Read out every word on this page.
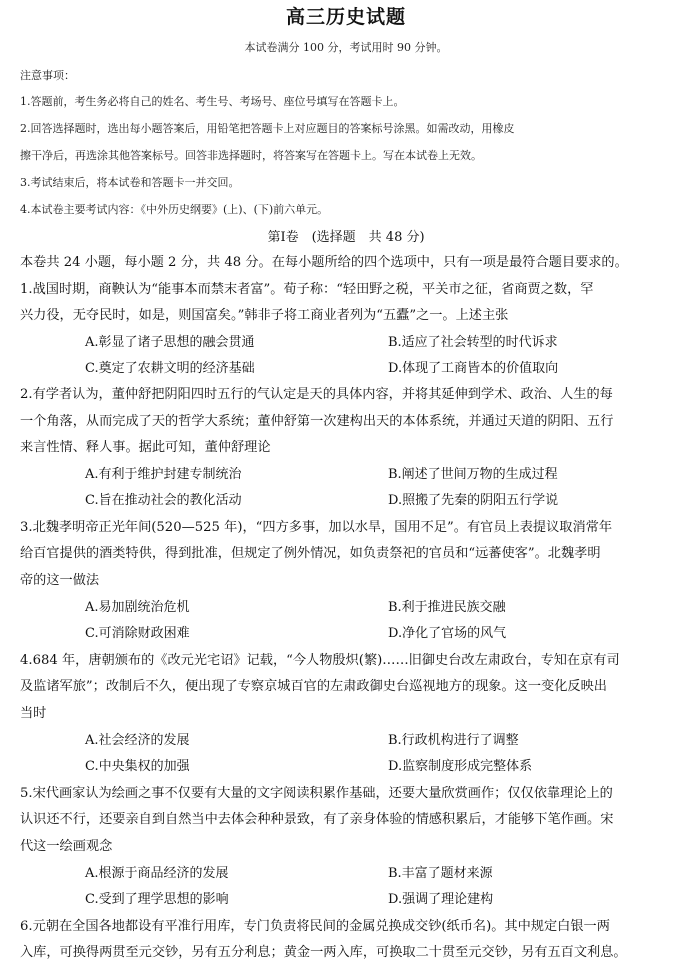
高三历史试题
本试卷满分 100 分，考试用时 90 分钟。
注意事项：
1.答题前，考生务必将自己的姓名、考生号、考场号、座位号填写在答题卡上。
2.回答选择题时，选出每小题答案后，用铅笔把答题卡上对应题目的答案标号涂黑。如需改动，用橡皮
擦干净后，再选涂其他答案标号。回答非选择题时，将答案写在答题卡上。写在本试卷上无效。
3.考试结束后，将本试卷和答题卡一并交回。
4.本试卷主要考试内容：《中外历史纲要》(上)、(下)前六单元。
第Ⅰ卷　(选择题　共 48 分)
本卷共 24 小题，每小题 2 分，共 48 分。在每小题所给的四个选项中，只有一项是最符合题目要求的。
1.战国时期，商鞅认为“能事本而禁末者富”。荀子称：“轻田野之税，平关市之征，省商贾之数，罕
兴力役，无夺民时，如是，则国富矣。”韩非子将工商业者列为“五蠹”之一。上述主张
A.彰显了诸子思想的融会贯通	B.适应了社会转型的时代诉求
C.奠定了农耕文明的经济基础	D.体现了工商皆本的价值取向
2.有学者认为，董仲舒把阴阳四时五行的气认定是天的具体内容，并将其延伸到学术、政治、人生的每
一个角落，从而完成了天的哲学大系统；董仲舒第一次建构出天的本体系统，并通过天道的阴阳、五行
来言性情、释人事。据此可知，董仲舒理论
A.有利于维护封建专制统治	B.阐述了世间万物的生成过程
C.旨在推动社会的教化活动	D.照搬了先秦的阴阳五行学说
3.北魏孝明帝正光年间(520—525 年)，“四方多事，加以水旱，国用不足”。有官员上表提议取消常年
给百官提供的酒类特供，得到批准，但规定了例外情况，如负责祭祀的官员和“远蕃使客”。北魏孝明
帝的这一做法
A.易加剧统治危机	B.利于推进民族交融
C.可消除财政困难	D.净化了官场的风气
4.684 年，唐朝颁布的《改元光宅诏》记载，“今人物殷炽(繁)……旧御史台改左肃政台，专知在京有司
及监诸军旅”；改制后不久，便出现了专察京城百官的左肃政御史台巡视地方的现象。这一变化反映出
当时
A.社会经济的发展	B.行政机构进行了调整
C.中央集权的加强	D.监察制度形成完整体系
5.宋代画家认为绘画之事不仅要有大量的文字阅读积累作基础，还要大量欣赏画作；仅仅依靠理论上的
认识还不行，还要亲自到自然当中去体会种种景致，有了亲身体验的情感积累后，才能够下笔作画。宋
代这一绘画观念
A.根源于商品经济的发展	B.丰富了题材来源
C.受到了理学思想的影响	D.强调了理论建构
6.元朝在全国各地都设有平准行用库，专门负责将民间的金属兑换成交钞(纸币名)。其中规定白银一两
入库，可换得两贯至元交钞，另有五分利息；黄金一两入库，可换取二十贯至元交钞，另有五百文利息。
